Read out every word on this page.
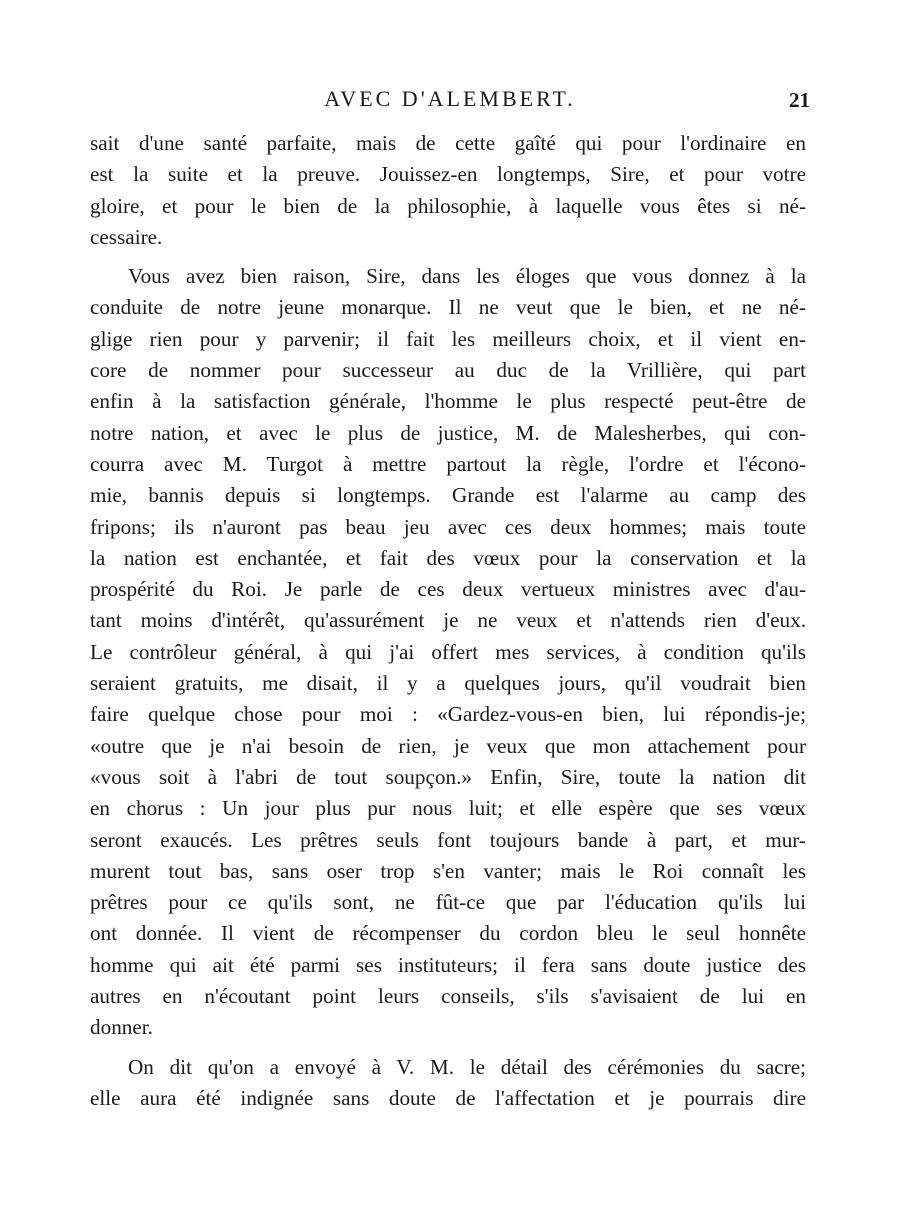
AVEC D'ALEMBERT.	21
sait d'une santé parfaite, mais de cette gaîté qui pour l'ordinaire en
est la suite et la preuve. Jouissez-en longtemps, Sire, et pour votre
gloire, et pour le bien de la philosophie, à laquelle vous êtes si né-
cessaire.
Vous avez bien raison, Sire, dans les éloges que vous donnez à la
conduite de notre jeune monarque. Il ne veut que le bien, et ne né-
glige rien pour y parvenir; il fait les meilleurs choix, et il vient en-
core de nommer pour successeur au duc de la Vrillière, qui part
enfin à la satisfaction générale, l'homme le plus respecté peut-être de
notre nation, et avec le plus de justice, M. de Malesherbes, qui con-
courra avec M. Turgot à mettre partout la règle, l'ordre et l'écono-
mie, bannis depuis si longtemps. Grande est l'alarme au camp des
fripons; ils n'auront pas beau jeu avec ces deux hommes; mais toute
la nation est enchantée, et fait des vœux pour la conservation et la
prospérité du Roi. Je parle de ces deux vertueux ministres avec d'au-
tant moins d'intérêt, qu'assurément je ne veux et n'attends rien d'eux.
Le contrôleur général, à qui j'ai offert mes services, à condition qu'ils
seraient gratuits, me disait, il y a quelques jours, qu'il voudrait bien
faire quelque chose pour moi : «Gardez-vous-en bien, lui répondis-je;
«outre que je n'ai besoin de rien, je veux que mon attachement pour
«vous soit à l'abri de tout soupçon.» Enfin, Sire, toute la nation dit
en chorus : Un jour plus pur nous luit; et elle espère que ses vœux
seront exaucés. Les prêtres seuls font toujours bande à part, et mur-
murent tout bas, sans oser trop s'en vanter; mais le Roi connaît les
prêtres pour ce qu'ils sont, ne fût-ce que par l'éducation qu'ils lui
ont donnée. Il vient de récompenser du cordon bleu le seul honnête
homme qui ait été parmi ses instituteurs; il fera sans doute justice des
autres en n'écoutant point leurs conseils, s'ils s'avisaient de lui en
donner.
On dit qu'on a envoyé à V. M. le détail des cérémonies du sacre;
elle aura été indignée sans doute de l'affectation et je pourrais dire
